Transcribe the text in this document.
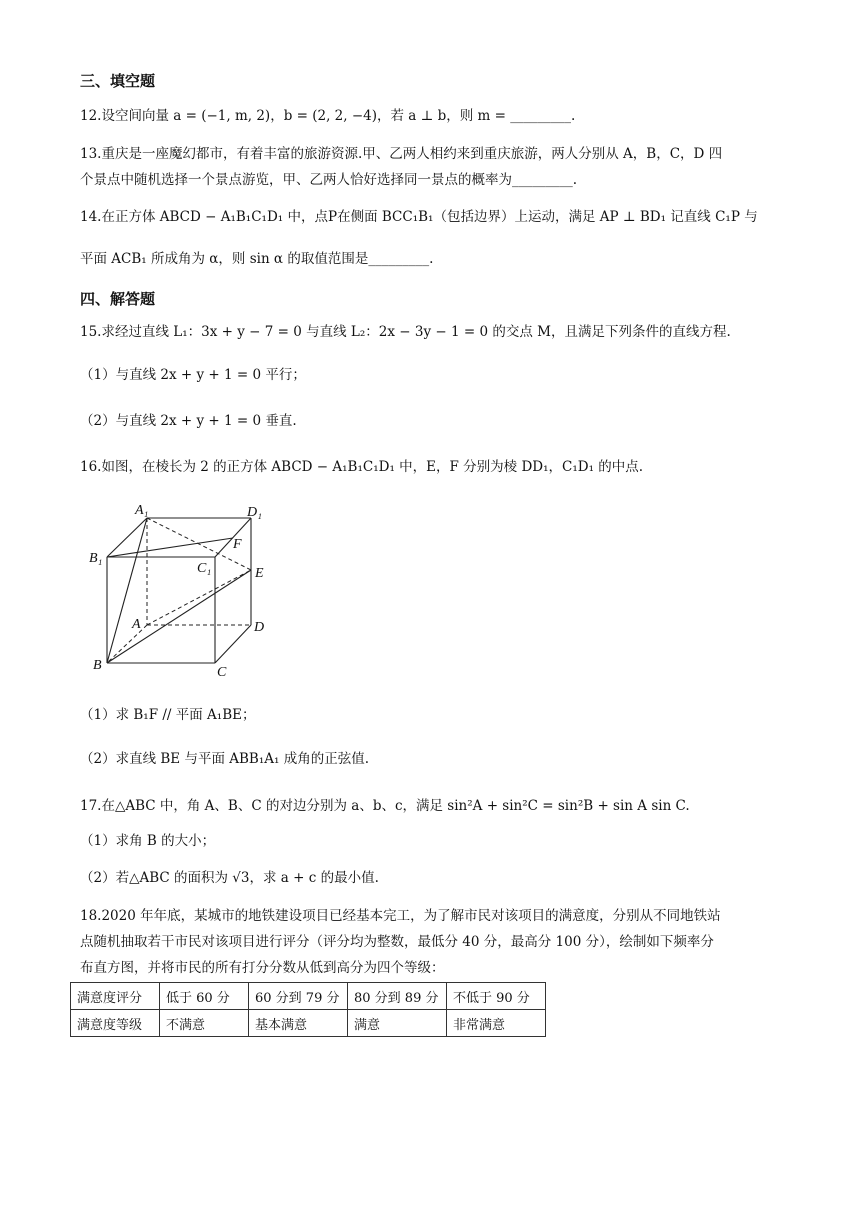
三、填空题
12.设空间向量 a = (−1, m, 2)，b = (2, 2, −4)，若 a ⊥ b，则 m = _________.
13.重庆是一座魔幻都市，有着丰富的旅游资源.甲、乙两人相约来到重庆旅游，两人分别从 A，B，C，D 四
个景点中随机选择一个景点游览，甲、乙两人恰好选择同一景点的概率为_________.
14.在正方体 ABCD − A₁B₁C₁D₁ 中，点P在侧面 BCC₁B₁（包括边界）上运动，满足 AP ⊥ BD₁ 记直线 C₁P 与
平面 ACB₁ 所成角为 α，则 sin α 的取值范围是_________.
四、解答题
15.求经过直线 L₁：3x + y − 7 = 0 与直线 L₂：2x − 3y − 1 = 0 的交点 M，且满足下列条件的直线方程.
（1）与直线 2x + y + 1 = 0 平行；
（2）与直线 2x + y + 1 = 0 垂直.
16.如图，在棱长为 2 的正方体 ABCD − A₁B₁C₁D₁ 中，E，F 分别为棱 DD₁，C₁D₁ 的中点.
A₁	D₁
B₁
C₁
F
E
A	D
B	C
（1）求 B₁F // 平面 A₁BE；
（2）求直线 BE 与平面 ABB₁A₁ 成角的正弦值.
17.在△ABC 中，角 A、B、C 的对边分别为 a、b、c，满足 sin²A + sin²C = sin²B + sin A sin C.
（1）求角 B 的大小；
（2）若△ABC 的面积为 √3，求 a + c 的最小值.
18.2020 年年底，某城市的地铁建设项目已经基本完工，为了解市民对该项目的满意度，分别从不同地铁站
点随机抽取若干市民对该项目进行评分（评分均为整数，最低分 40 分，最高分 100 分），绘制如下频率分
布直方图，并将市民的所有打分分数从低到高分为四个等级：
满意度评分	低于 60 分	60 分到 79 分	80 分到 89 分	不低于 90 分
满意度等级	不满意	基本满意	满意	非常满意
